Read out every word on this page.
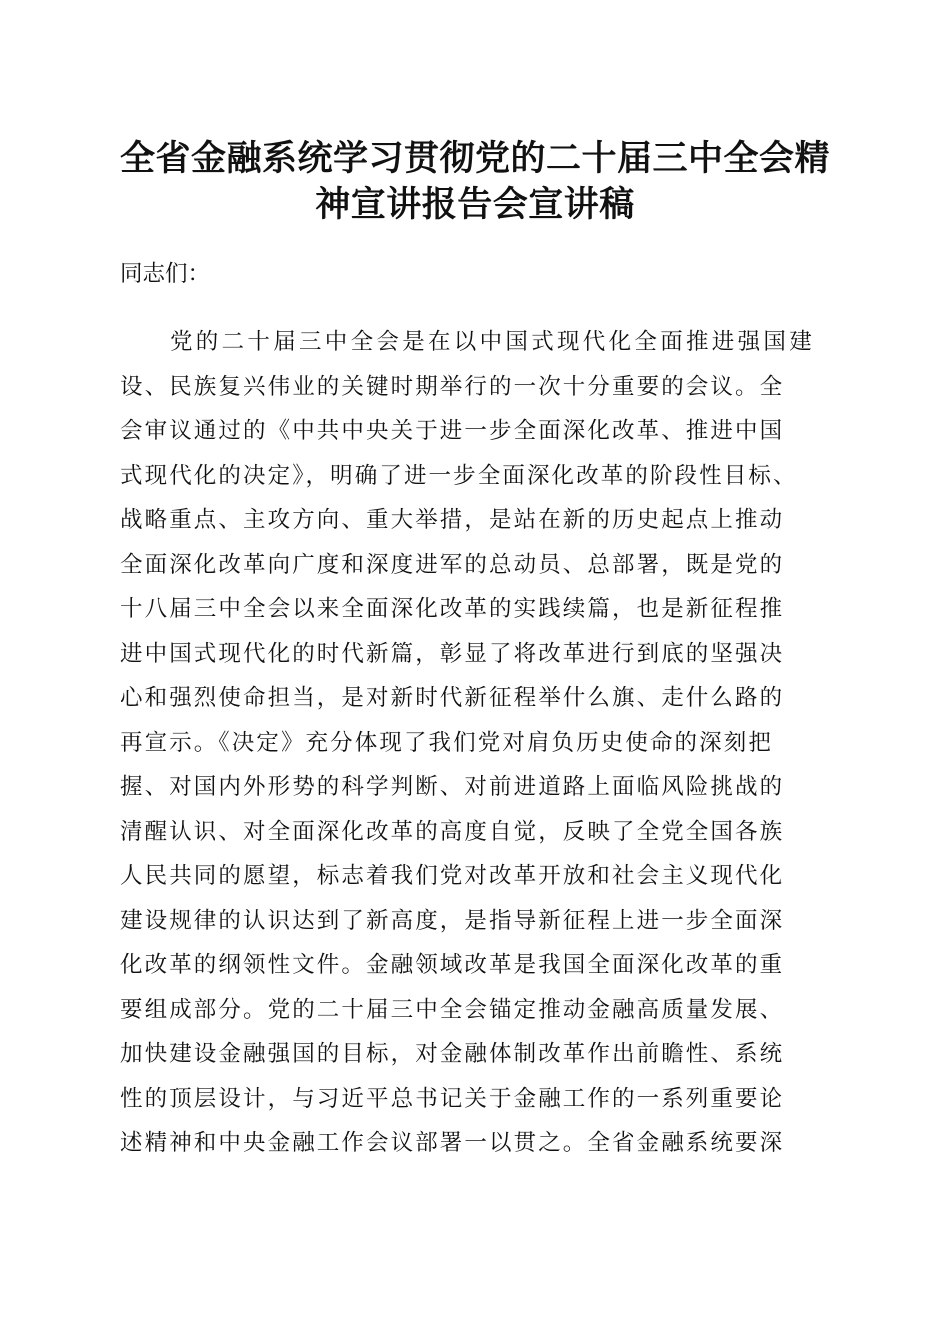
全省金融系统学习贯彻党的二十届三中全会精
神宣讲报告会宣讲稿
同志们：
党的二十届三中全会是在以中国式现代化全面推进强国建
设、民族复兴伟业的关键时期举行的一次十分重要的会议。全
会审议通过的《中共中央关于进一步全面深化改革、推进中国
式现代化的决定》，明确了进一步全面深化改革的阶段性目标、
战略重点、主攻方向、重大举措，是站在新的历史起点上推动
全面深化改革向广度和深度进军的总动员、总部署，既是党的
十八届三中全会以来全面深化改革的实践续篇，也是新征程推
进中国式现代化的时代新篇，彰显了将改革进行到底的坚强决
心和强烈使命担当，是对新时代新征程举什么旗、走什么路的
再宣示。《决定》充分体现了我们党对肩负历史使命的深刻把
握、对国内外形势的科学判断、对前进道路上面临风险挑战的
清醒认识、对全面深化改革的高度自觉，反映了全党全国各族
人民共同的愿望，标志着我们党对改革开放和社会主义现代化
建设规律的认识达到了新高度，是指导新征程上进一步全面深
化改革的纲领性文件。金融领域改革是我国全面深化改革的重
要组成部分。党的二十届三中全会锚定推动金融高质量发展、
加快建设金融强国的目标，对金融体制改革作出前瞻性、系统
性的顶层设计，与习近平总书记关于金融工作的一系列重要论
述精神和中央金融工作会议部署一以贯之。全省金融系统要深
